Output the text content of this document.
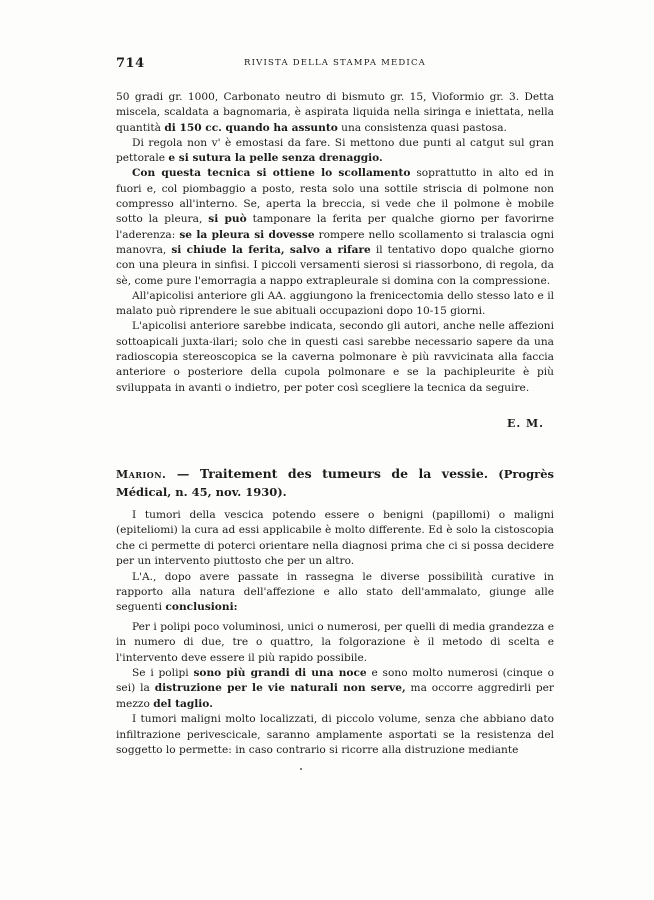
714	RIVISTA DELLA STAMPA MEDICA

50 gradi gr. 1000, Carbonato neutro di bismuto gr. 15, Vioformio gr. 3. Detta miscela, scaldata a bagnomaria, è aspirata liquida nella siringa e iniettata, nella quantità di 150 cc. quando ha assunto una consistenza quasi pastosa.

Di regola non v' è emostasi da fare. Si mettono due punti al catgut sul gran pettorale e si sutura la pelle senza drenaggio.

Con questa tecnica si ottiene lo scollamento soprattutto in alto ed in fuori e, col piombaggio a posto, resta solo una sottile striscia di polmone non compresso all'interno. Se, aperta la breccia, si vede che il polmone è mobile sotto la pleura, si può tamponare la ferita per qualche giorno per favorirne l'aderenza: se la pleura si dovesse rompere nello scollamento si tralascia ogni manovra, si chiude la ferita, salvo a rifare il tentativo dopo qualche giorno con una pleura in sinfisi. I piccoli versamenti sierosi si riassorbono, di regola, da sè, come pure l'emorragia a nappo extrapleurale si domina con la compressione.

All'apicolisi anteriore gli AA. aggiungono la frenicectomia dello stesso lato e il malato può riprendere le sue abituali occupazioni dopo 10-15 giorni.

L'apicolisi anteriore sarebbe indicata, secondo gli autori, anche nelle affezioni sottoapicali juxta-ilari; solo che in questi casi sarebbe necessario sapere da una radioscopia stereoscopica se la caverna polmonare è più ravvicinata alla faccia anteriore o posteriore della cupola polmonare e se la pachipleurite è più sviluppata in avanti o indietro, per poter così scegliere la tecnica da seguire.

E. M.

Marion. — Traitement des tumeurs de la vessie. (Progrès Médical, n. 45, nov. 1930).

I tumori della vescica potendo essere o benigni (papillomi) o maligni (epiteliomi) la cura ad essi applicabile è molto differente. Ed è solo la cistoscopia che ci permette di poterci orientare nella diagnosi prima che ci si possa decidere per un intervento piuttosto che per un altro.

L'A., dopo avere passate in rassegna le diverse possibilità curative in rapporto alla natura dell'affezione e allo stato dell'ammalato, giunge alle seguenti conclusioni:

Per i polipi poco voluminosi, unici o numerosi, per quelli di media grandezza e in numero di due, tre o quattro, la folgorazione è il metodo di scelta e l'intervento deve essere il più rapido possibile.

Se i polipi sono più grandi di una noce e sono molto numerosi (cinque o sei) la distruzione per le vie naturali non serve, ma occorre aggredirli per mezzo del taglio.

I tumori maligni molto localizzati, di piccolo volume, senza che abbiano dato infiltrazione perivescicale, saranno amplamente asportati se la resistenza del soggetto lo permette: in caso contrario si ricorre alla distruzione mediante
